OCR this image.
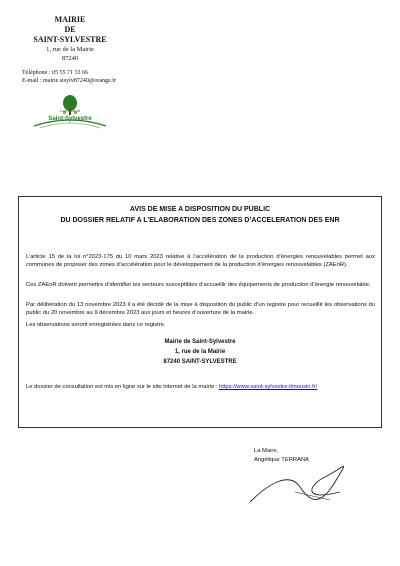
MAIRIE
DE
SAINT-SYLVESTRE
1, rue de la Mairie
87240
Téléphone : 05 55 71 33 66
E-mail : mairie.stsylv87240@orange.fr
Commune de
Saint-Sylvestre
AVIS DE MISE A DISPOSITION DU PUBLIC
DU DOSSIER RELATIF A L’ELABORATION DES ZONES D’ACCELERATION DES ENR
L’article 15 de la loi n°2023-175 du 10 mars 2023 relative à l’accélération de la production d’énergies renouvelables permet aux communes de proposer des zones d’accélération pour le développement de la production d’énergies renouvelables (ZAEnR).
Ces ZAEnR doivent permettre d’identifier les secteurs susceptibles d’accueillir des équipements de production d’énergie renouvelable.
Par délibération du 13 novembre 2023 il a été décidé de la mise à disposition du public d’un registre pour recueillir les observations du public du 20 novembre au 9 décembre 2023 aux jours et heures d’ouverture de la mairie.
Les observations seront enregistrées dans ce registre.
Mairie de Saint-Sylvestre
1, rue de la Mairie
87240 SAINT-SYLVESTRE
Le dossier de consultation est mis en ligne sur le site internet de la mairie : https://www.saint-sylvestre-limousin.fr/
La Maire,
Angélique TERRANA
